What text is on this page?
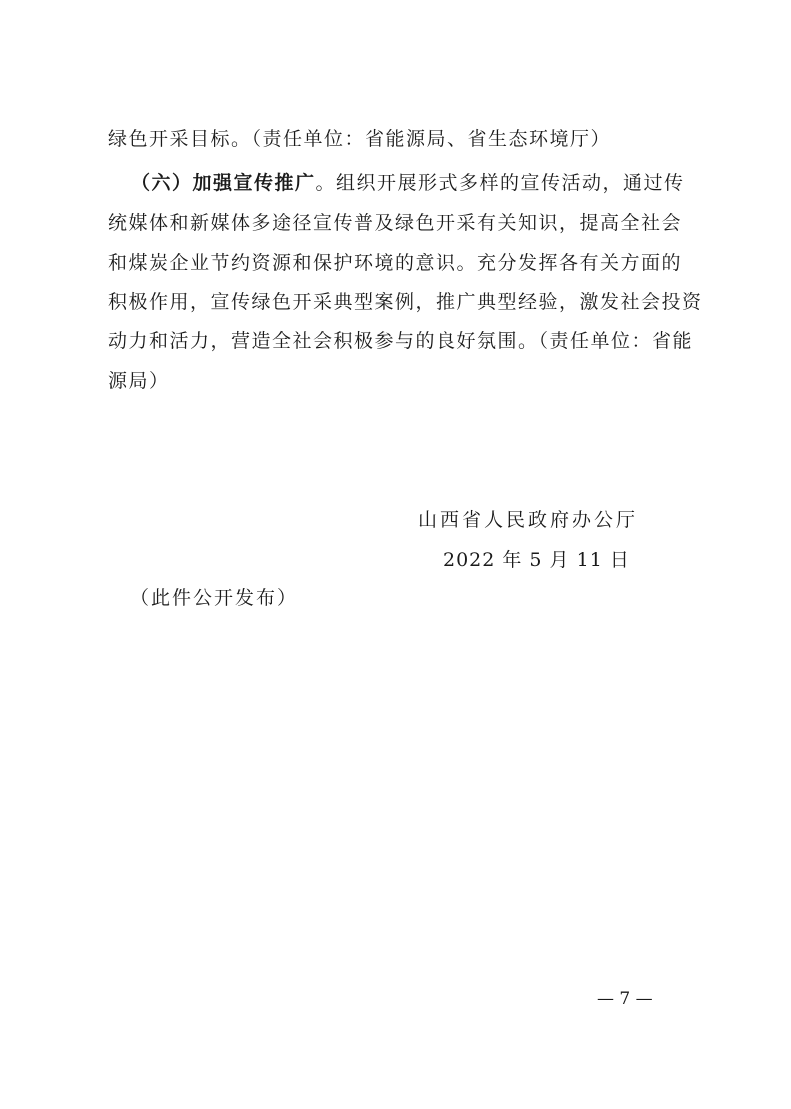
绿色开采目标。（责任单位：省能源局、省生态环境厅）
（六）加强宣传推广。组织开展形式多样的宣传活动，通过传
统媒体和新媒体多途径宣传普及绿色开采有关知识，提高全社会
和煤炭企业节约资源和保护环境的意识。充分发挥各有关方面的
积极作用，宣传绿色开采典型案例，推广典型经验，激发社会投资
动力和活力，营造全社会积极参与的良好氛围。（责任单位：省能
源局）
山西省人民政府办公厅
2022 年 5 月 11 日
（此件公开发布）
— 7 —
